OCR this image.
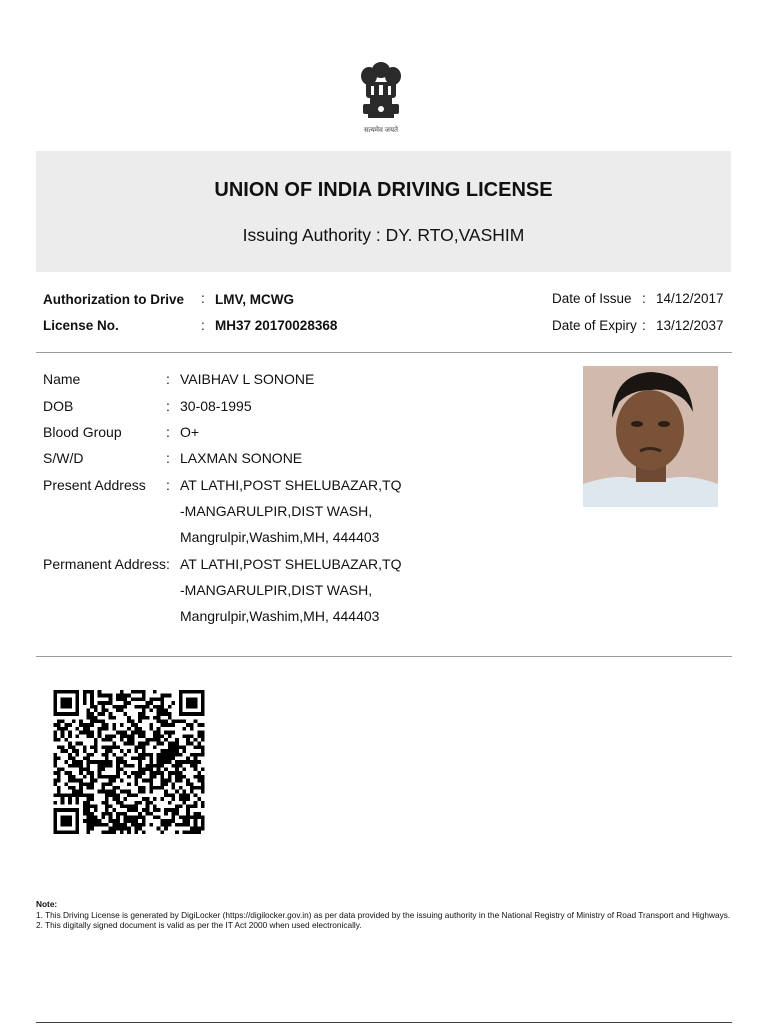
सत्यमेव जयते
UNION OF INDIA DRIVING LICENSE
Issuing Authority : DY. RTO,VASHIM
Authorization to Drive : LMV, MCWG
License No.	: MH37 20170028368
Date of Issue : 14/12/2017
Date of Expiry : 13/12/2037
Name	: VAIBHAV L SONONE
DOB	: 30-08-1995
Blood Group	: O+
S/W/D	: LAXMAN SONONE
Present Address : AT LATHI,POST SHELUBAZAR,TQ
-MANGARULPIR,DIST WASH,
Mangrulpir,Washim,MH, 444403
Permanent Address : AT LATHI,POST SHELUBAZAR,TQ
-MANGARULPIR,DIST WASH,
Mangrulpir,Washim,MH, 444403
Note:
1. This Driving License is generated by DigiLocker (https://digilocker.gov.in) as per data provided by the issuing authority in the National Registry of Ministry of Road Transport and Highways.
2. This digitally signed document is valid as per the IT Act 2000 when used electronically.
